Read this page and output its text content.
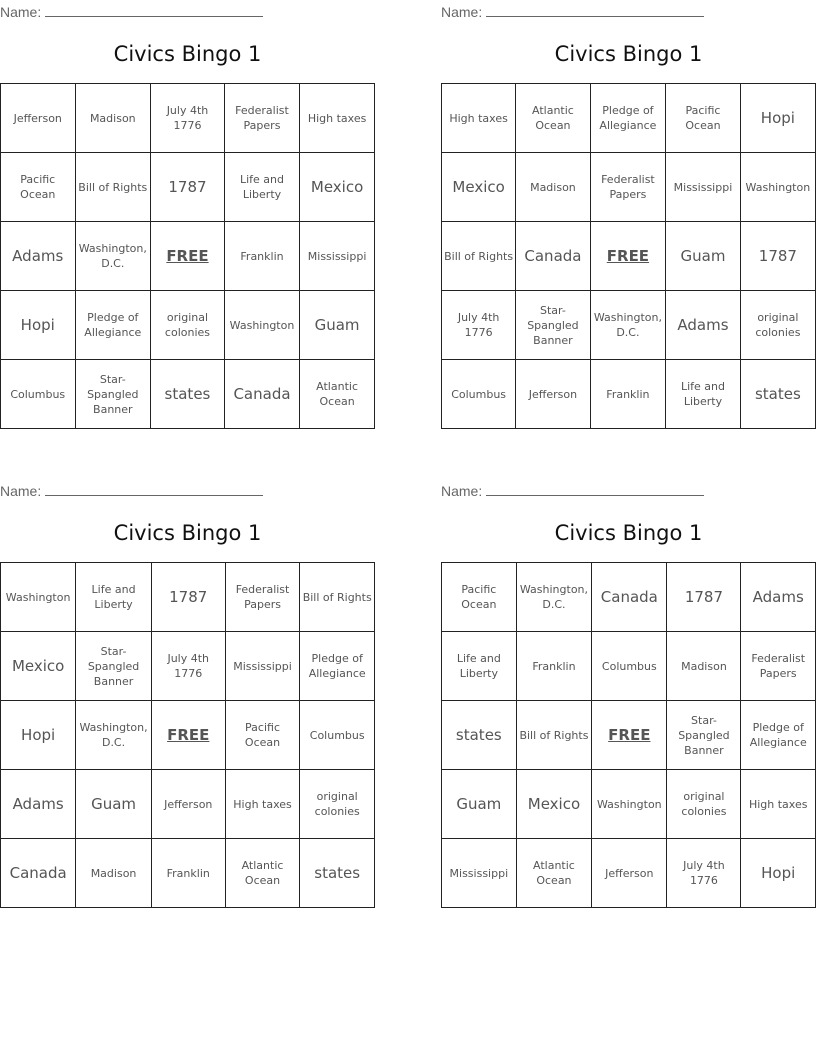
Name:
Civics Bingo 1
Jefferson	Madison	July 4th 1776	Federalist Papers	High taxes
Pacific Ocean	Bill of Rights	1787	Life and Liberty	Mexico
Adams	Washington, D.C.	FREE	Franklin	Mississippi
Hopi	Pledge of Allegiance	original colonies	Washington	Guam
Columbus	Star-Spangled Banner	states	Canada	Atlantic Ocean
Name:
Civics Bingo 1
High taxes	Atlantic Ocean	Pledge of Allegiance	Pacific Ocean	Hopi
Mexico	Madison	Federalist Papers	Mississippi	Washington
Bill of Rights	Canada	FREE	Guam	1787
July 4th 1776	Star-Spangled Banner	Washington, D.C.	Adams	original colonies
Columbus	Jefferson	Franklin	Life and Liberty	states
Name:
Civics Bingo 1
Washington	Life and Liberty	1787	Federalist Papers	Bill of Rights
Mexico	Star-Spangled Banner	July 4th 1776	Mississippi	Pledge of Allegiance
Hopi	Washington, D.C.	FREE	Pacific Ocean	Columbus
Adams	Guam	Jefferson	High taxes	original colonies
Canada	Madison	Franklin	Atlantic Ocean	states
Name:
Civics Bingo 1
Pacific Ocean	Washington, D.C.	Canada	1787	Adams
Life and Liberty	Franklin	Columbus	Madison	Federalist Papers
states	Bill of Rights	FREE	Star-Spangled Banner	Pledge of Allegiance
Guam	Mexico	Washington	original colonies	High taxes
Mississippi	Atlantic Ocean	Jefferson	July 4th 1776	Hopi
